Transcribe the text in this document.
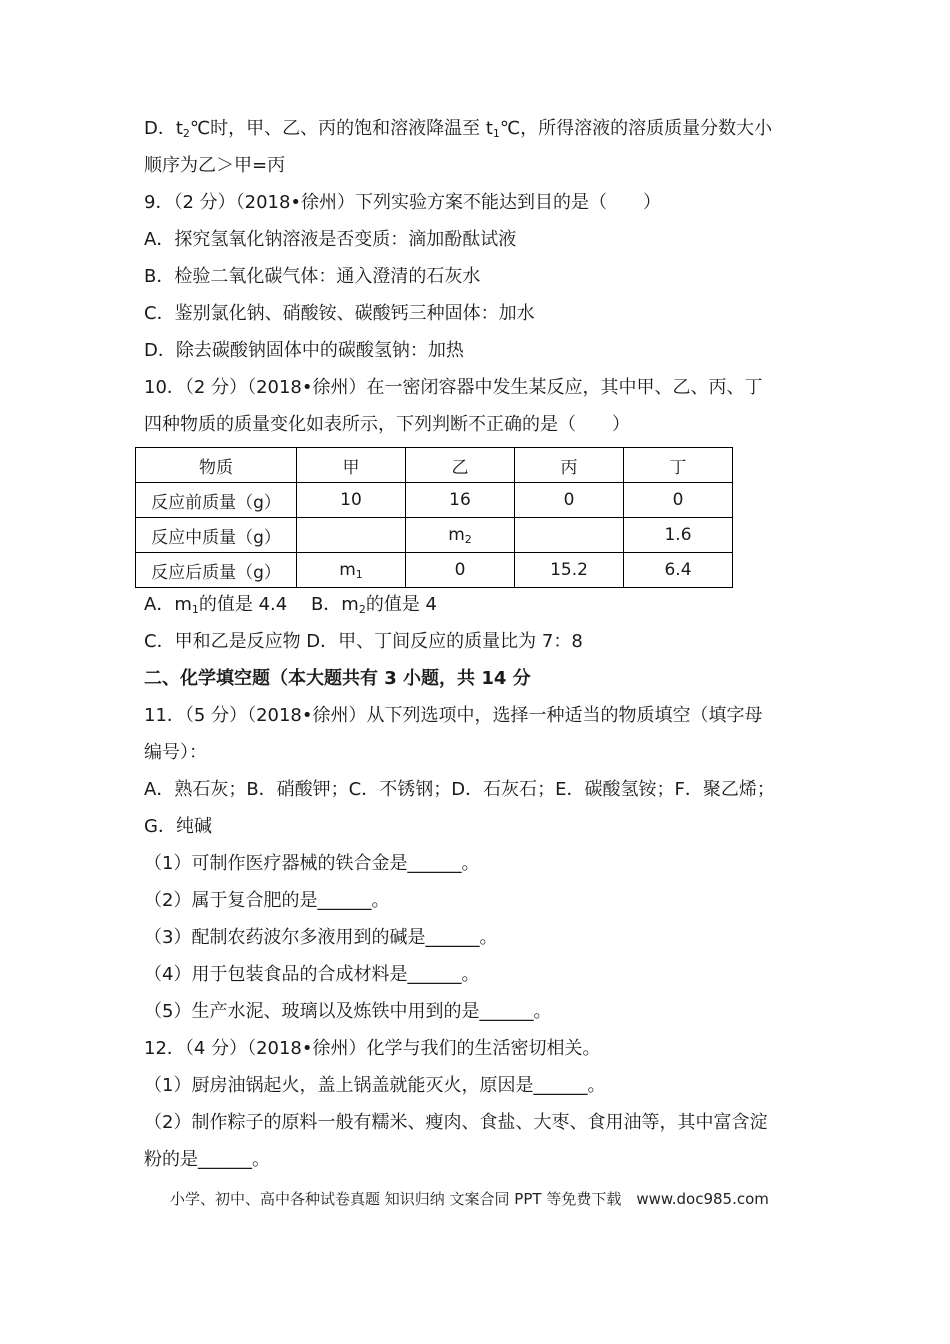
D．$t_2℃$时，甲、乙、丙的饱和溶液降温至 $t_1℃$，所得溶液的溶质质量分数大小
顺序为乙＞甲=丙
9．（2 分）（2018•徐州）下列实验方案不能达到目的是（　　）
A．探究氢氧化钠溶液是否变质：滴加酚酞试液
B．检验二氧化碳气体：通入澄清的石灰水
C．鉴别氯化钠、硝酸铵、碳酸钙三种固体：加水
D．除去碳酸钠固体中的碳酸氢钠：加热
10．（2 分）（2018•徐州）在一密闭容器中发生某反应，其中甲、乙、丙、丁
四种物质的质量变化如表所示，下列判断不正确的是（　　）
物质	甲	乙	丙	丁
反应前质量（g）	10	16	0	0
反应中质量（g）		$m_2$		1.6
反应后质量（g）	$m_1$	0	15.2	6.4
A．$m_1$的值是 4.4　 B．$m_2$的值是 4
C．甲和乙是反应物 D．甲、丁间反应的质量比为 7：8
二、化学填空题（本大题共有 3 小题，共 14 分
11．（5 分）（2018•徐州）从下列选项中，选择一种适当的物质填空（填字母
编号）：
A．熟石灰；B．硝酸钾；C．不锈钢；D．石灰石；E．碳酸氢铵；F．聚乙烯；
G．纯碱
（1）可制作医疗器械的铁合金是______。
（2）属于复合肥的是______。
（3）配制农药波尔多液用到的碱是______。
（4）用于包装食品的合成材料是______。
（5）生产水泥、玻璃以及炼铁中用到的是______。
12．（4 分）（2018•徐州）化学与我们的生活密切相关。
（1）厨房油锅起火，盖上锅盖就能灭火，原因是______。
（2）制作粽子的原料一般有糯米、瘦肉、食盐、大枣、食用油等，其中富含淀
粉的是______。
小学、初中、高中各种试卷真题 知识归纳 文案合同 PPT 等免费下载　www.doc985.com
